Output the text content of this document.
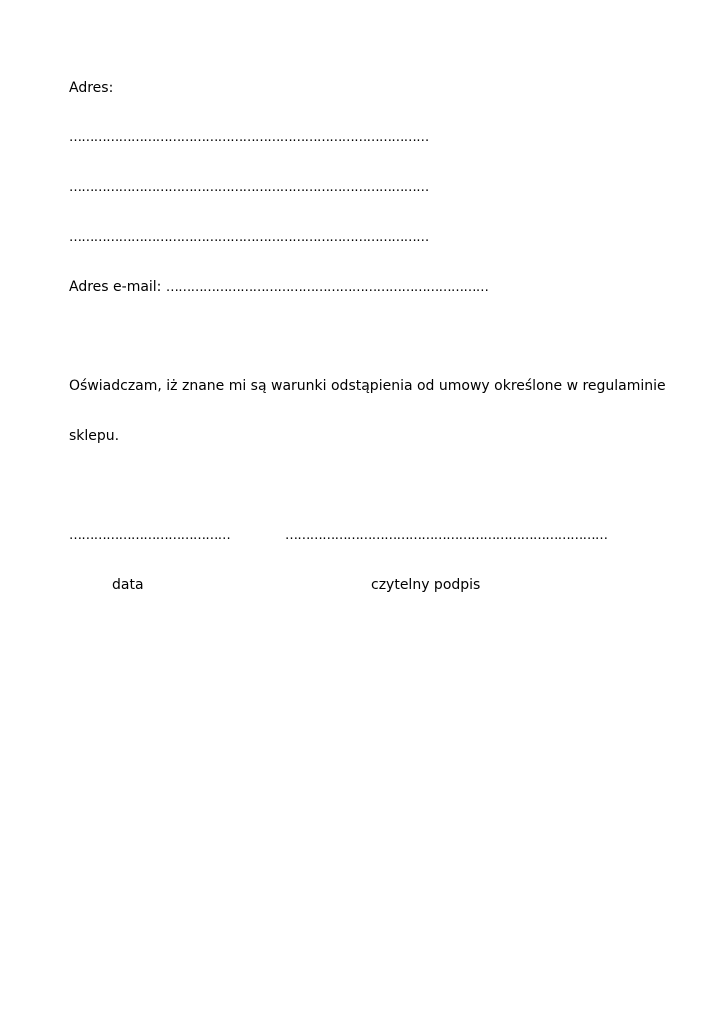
Adres:
……………………………………………………………………………
……………………………………………………………………………
……………………………………………………………………………
Adres e-mail: ……………………………………………………………………
Oświadczam, iż znane mi są warunki odstąpienia od umowy określone w regulaminie
sklepu.
…………………………………	……………………………………………………………………
data	czytelny podpis
